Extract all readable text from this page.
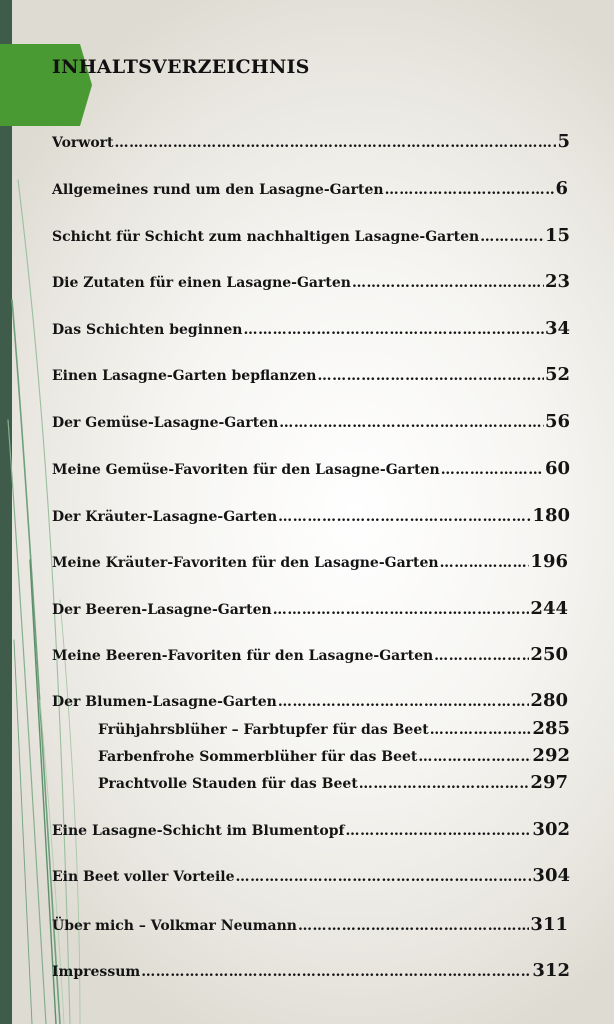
INHALTSVERZEICHNIS
Vorwort ……………………………………………………………………………………………………………………	5
Allgemeines rund um den Lasagne-Garten ……………………………………………………………………………………………………………………	6
Schicht für Schicht zum nachhaltigen Lasagne-Garten ……………………………………………………………………………………………………………………	15
Die Zutaten für einen Lasagne-Garten ……………………………………………………………………………………………………………………	23
Das Schichten beginnen ……………………………………………………………………………………………………………………	34
Einen Lasagne-Garten bepflanzen ……………………………………………………………………………………………………………………	52
Der Gemüse-Lasagne-Garten ……………………………………………………………………………………………………………………	56
Meine Gemüse-Favoriten für den Lasagne-Garten ……………………………………………………………………………………………………………………	60
Der Kräuter-Lasagne-Garten ……………………………………………………………………………………………………………………	180
Meine Kräuter-Favoriten für den Lasagne-Garten ……………………………………………………………………………………………………………………	196
Der Beeren-Lasagne-Garten ……………………………………………………………………………………………………………………	244
Meine Beeren-Favoriten für den Lasagne-Garten ……………………………………………………………………………………………………………………	250
Der Blumen-Lasagne-Garten ……………………………………………………………………………………………………………………	280
Frühjahrsblüher – Farbtupfer für das Beet ……………………………………………………………………………………………………………………	285
Farbenfrohe Sommerblüher für das Beet ……………………………………………………………………………………………………………………	292
Prachtvolle Stauden für das Beet ……………………………………………………………………………………………………………………	297
Eine Lasagne-Schicht im Blumentopf ……………………………………………………………………………………………………………………	302
Ein Beet voller Vorteile ……………………………………………………………………………………………………………………	304
Über mich – Volkmar Neumann ……………………………………………………………………………………………………………………	311
Impressum ……………………………………………………………………………………………………………………	312
